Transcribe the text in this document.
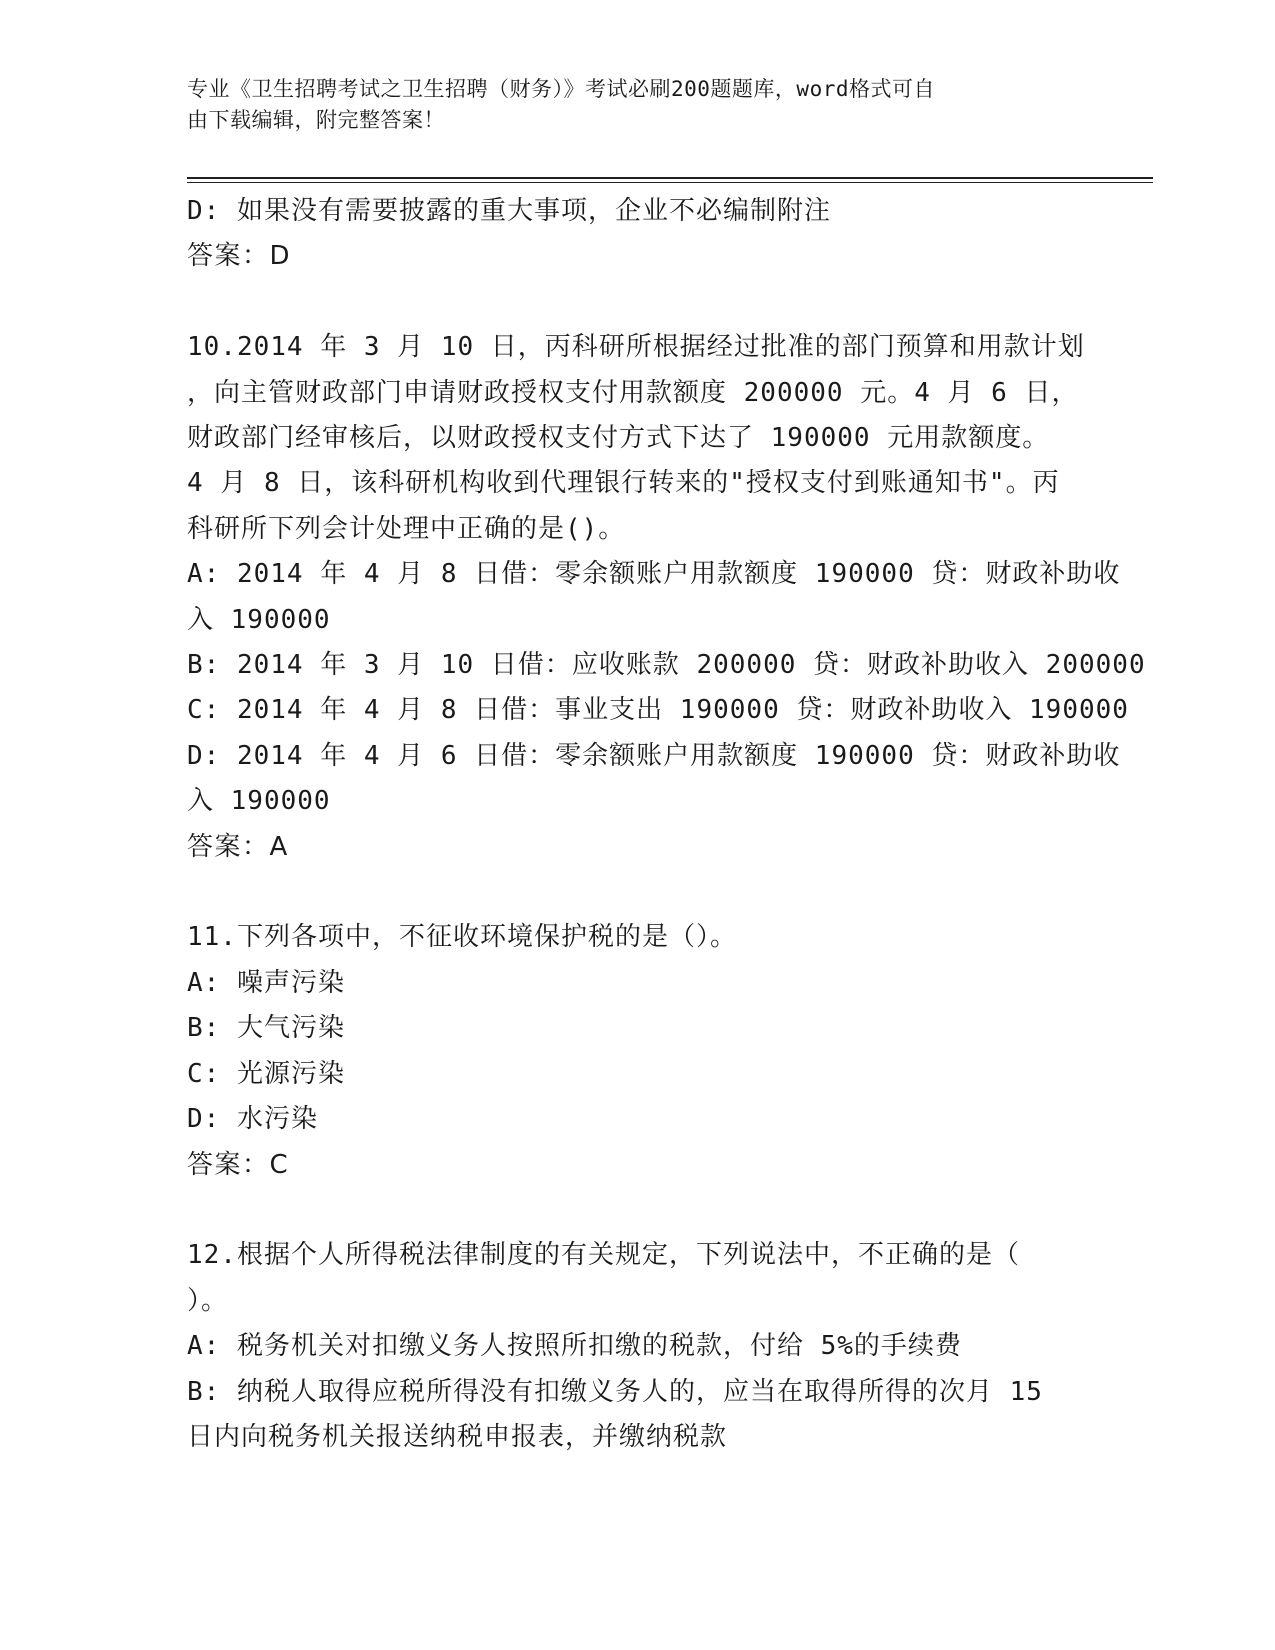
专业《卫生招聘考试之卫生招聘（财务）》考试必刷200题题库，word格式可自
由下载编辑，附完整答案！
D: 如果没有需要披露的重大事项，企业不必编制附注
答案：D
10.2014 年 3 月 10 日，丙科研所根据经过批准的部门预算和用款计划
，向主管财政部门申请财政授权支付用款额度 200000 元。4 月 6 日，
财政部门经审核后，以财政授权支付方式下达了 190000 元用款额度。
4 月 8 日，该科研机构收到代理银行转来的"授权支付到账通知书"。丙
科研所下列会计处理中正确的是()。
A: 2014 年 4 月 8 日借：零余额账户用款额度 190000 贷：财政补助收
入 190000
B: 2014 年 3 月 10 日借：应收账款 200000 贷：财政补助收入 200000
C: 2014 年 4 月 8 日借：事业支出 190000 贷：财政补助收入 190000
D: 2014 年 4 月 6 日借：零余额账户用款额度 190000 贷：财政补助收
入 190000
答案：A
11.下列各项中，不征收环境保护税的是（）。
A: 噪声污染
B: 大气污染
C: 光源污染
D: 水污染
答案：C
12.根据个人所得税法律制度的有关规定，下列说法中，不正确的是（
）。
A: 税务机关对扣缴义务人按照所扣缴的税款，付给 5%的手续费
B: 纳税人取得应税所得没有扣缴义务人的，应当在取得所得的次月 15
日内向税务机关报送纳税申报表，并缴纳税款
